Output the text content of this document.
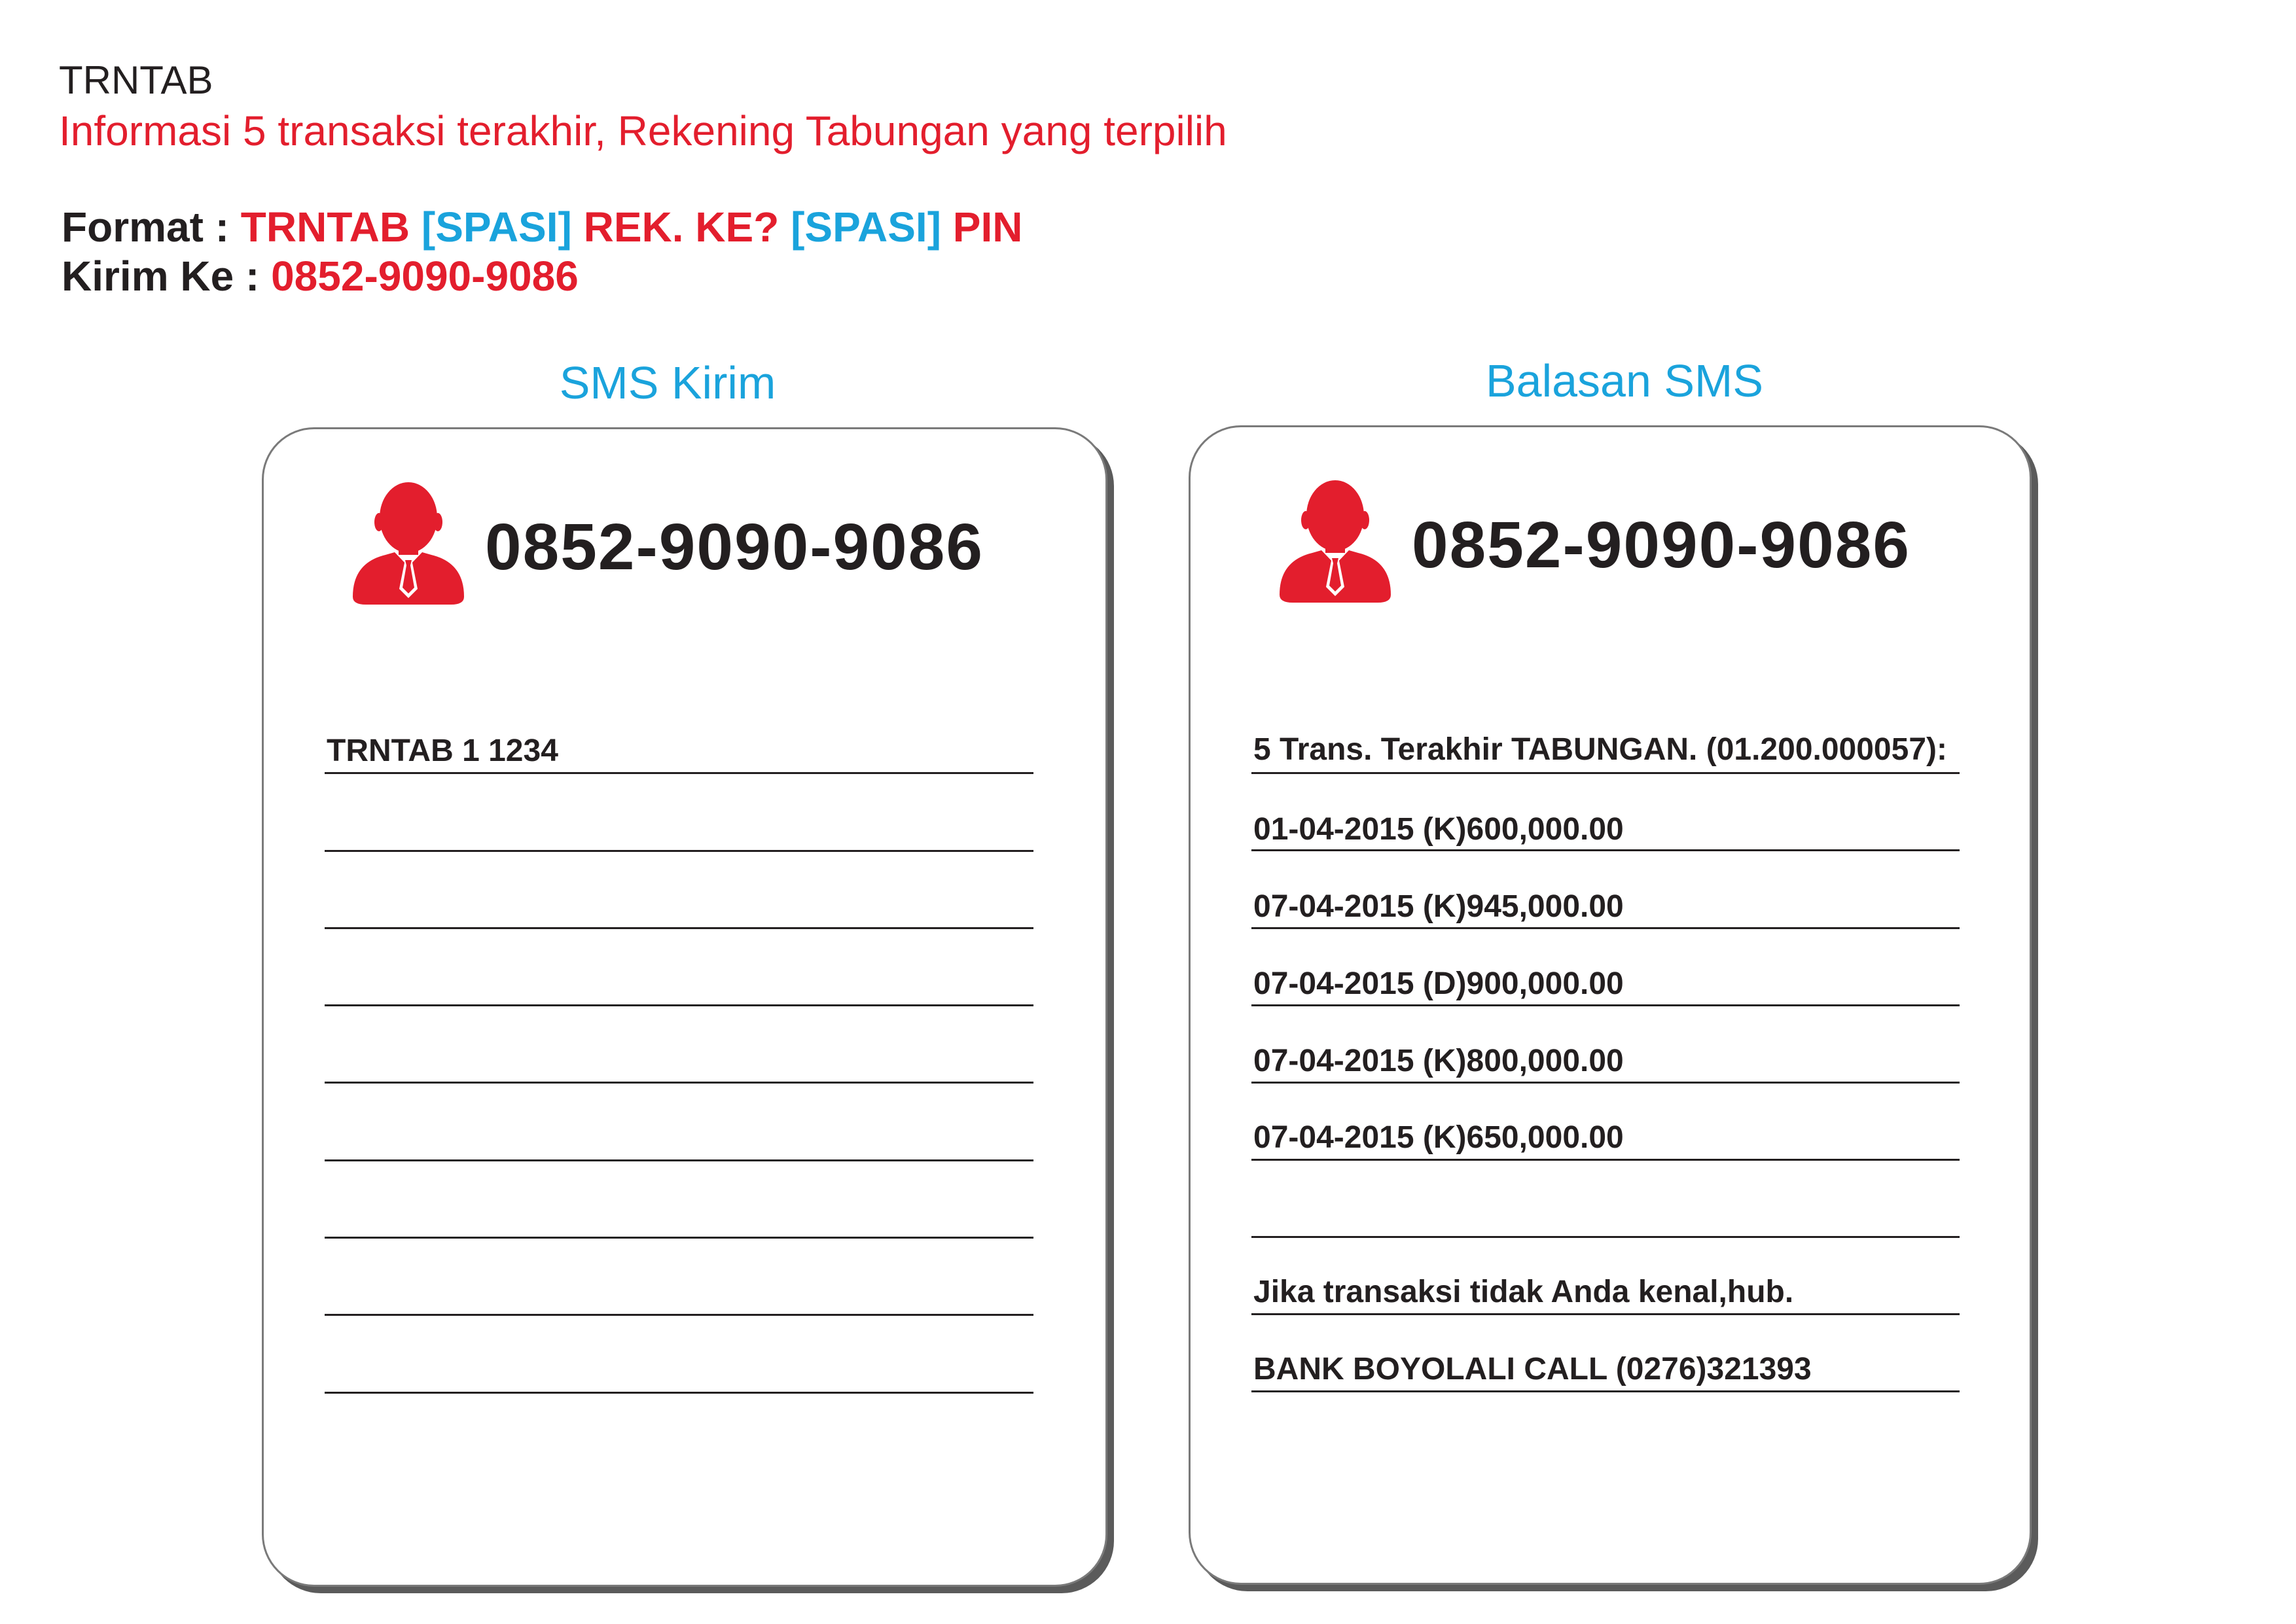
TRNTAB
Informasi 5 transaksi terakhir, Rekening Tabungan yang terpilih
Format : TRNTAB [SPASI] REK. KE? [SPASI] PIN
Kirim Ke : 0852-9090-9086
SMS Kirim	Balasan SMS
0852-9090-9086
TRNTAB 1 1234
0852-9090-9086
5 Trans. Terakhir TABUNGAN. (01.200.000057):
01-04-2015 (K)600,000.00
07-04-2015 (K)945,000.00
07-04-2015 (D)900,000.00
07-04-2015 (K)800,000.00
07-04-2015 (K)650,000.00
Jika transaksi tidak Anda kenal,hub.
BANK BOYOLALI CALL (0276)321393
